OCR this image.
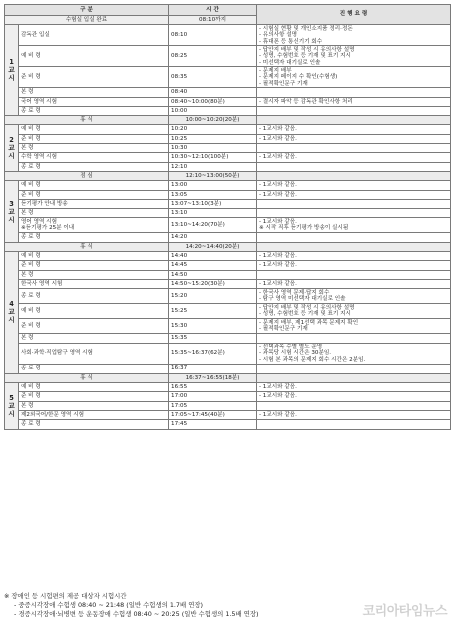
구 분		시 간	진 행 요 령
수험실 입실 완료		08:10까지	
1교시	감독관 입실	08:10	- 시험실 현황 및 개인소지품 정리·정돈
- 유의사항 설명
- 휴대폰 등 통신기기 회수
	예 비 령	08:25	- 답안지 배부 및 작성 시 유의사항 설명
- 성명, 수험번호 등 기재 및 표기 지시
- 미선택자 대기실로 인솔
	준 비 령	08:35	- 문제지 배부
- 문제지 페이지 수 확인(수험생)
- 필적확인문구 기재
	본 령	08:40	
	국어 영역 시험	08:40~10:00(80분)	- 결시자 파악 등 감독관 확인사항 처리
	종 료 령	10:00	
휴 식		10:00~10:20(20분)	
2교시	예 비 령	10:20	- 1교시와 같음.
	준 비 령	10:25	- 1교시와 같음.
	본 령	10:30	
	수학 영역 시험	10:30~12:10(100분)	- 1교시와 같음.
	종 료 령	12:10	
점 심		12:10~13:00(50분)	
3교시	예 비 령	13:00	- 1교시와 같음.
	준 비 령	13:05	- 1교시와 같음.
	듣기평가 안내 방송	13:07~13:10(3분)	
	본 령	13:10	
	영어 영역 시험
※듣기평가 25분 이내	13:10~14:20(70분)	- 1교시와 같음.
※ 시작 직후 듣기평가 방송이 실시됨
	종 료 령	14:20	
휴 식		14:20~14:40(20분)	
4교시	예 비 령	14:40	- 1교시와 같음.
	준 비 령	14:45	- 1교시와 같음.
	본 령	14:50	
	한국사 영역 시험	14:50~15:20(30분)	- 1교시와 같음.
	종 료 령	15:20	- 한국사 영역 문제·답지 회수
- 탐구 영역 미선택자 대기실로 인솔
	예 비 령	15:25	- 답안지 배부 및 작성 시 유의사항 설명
- 성명, 수험번호 등 기재 및 표기 지시
	준 비 령	15:30	- 문제지 배부, 제1선택 과목 문제지 확인
- 필적확인문구 기재
	본 령	15:35	
	사회·과학·직업탐구 영역 시험	15:35~16:37(62분)	- 선택과목 수별 별도 운영
- 과목당 시험 시간은 30분임.
- 시험 본 과목의 문제지 회수 시간은 2분임.
	종 료 령	16:37	
휴 식		16:37~16:55(18분)	
5교시	예 비 령	16:55	- 1교시와 같음.
	준 비 령	17:00	- 1교시와 같음.
	본 령	17:05	
	제2외국어/한문 영역 시험	17:05~17:45(40분)	- 1교시와 같음.
	종 료 령	17:45	
※ 장애인 등 시험편의 제공 대상자 시험시간
- 중증시각장애 수험생 08:40 ~ 21:48 (일반 수험생의 1.7배 연장)
- 경증시각장애·뇌병변 등 운동장애 수험생 08:40 ~ 20:25 (일반 수험생의 1.5배 연장)	코리아타임뉴스
